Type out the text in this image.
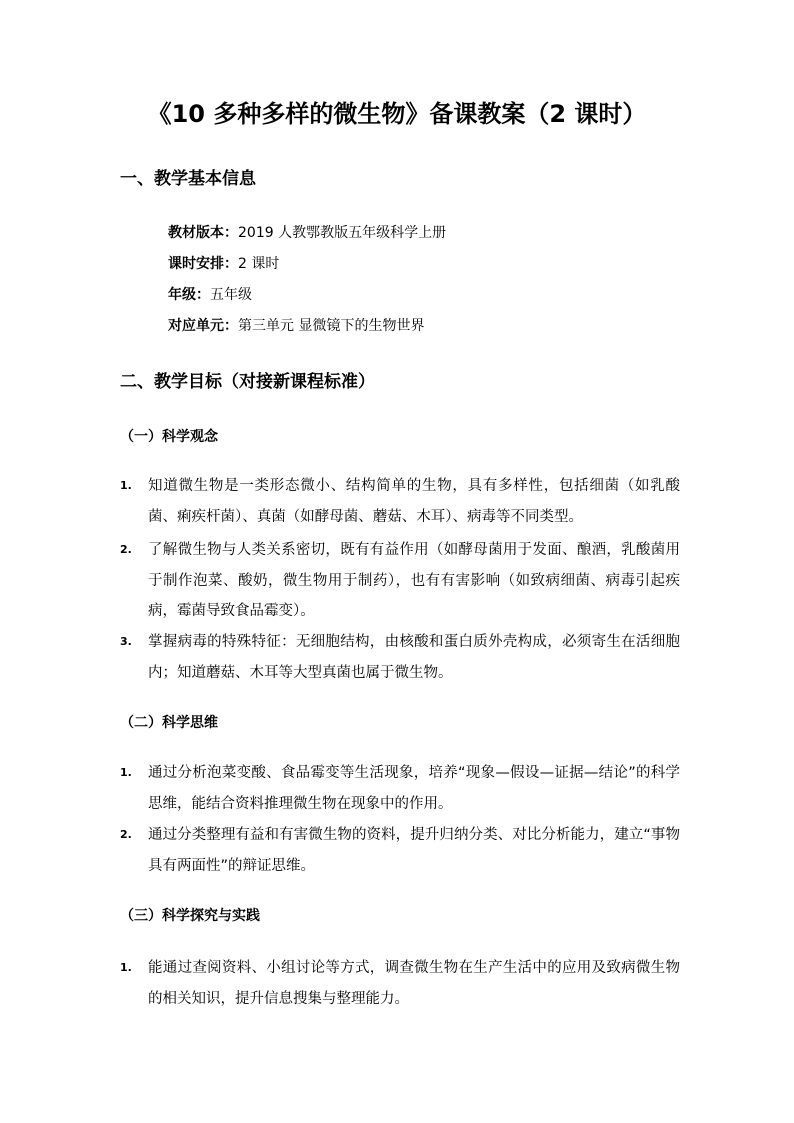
《10 多种多样的微生物》备课教案（2 课时）
一、教学基本信息
教材版本：2019 人教鄂教版五年级科学上册
课时安排：2 课时
年级：五年级
对应单元：第三单元 显微镜下的生物世界
二、教学目标（对接新课程标准）
（一）科学观念
1.	知道微生物是一类形态微小、结构简单的生物，具有多样性，包括细菌（如乳酸菌、痢疾杆菌）、真菌（如酵母菌、蘑菇、木耳）、病毒等不同类型。
2.	了解微生物与人类关系密切，既有有益作用（如酵母菌用于发面、酿酒，乳酸菌用于制作泡菜、酸奶，微生物用于制药），也有有害影响（如致病细菌、病毒引起疾病，霉菌导致食品霉变）。
3.	掌握病毒的特殊特征：无细胞结构，由核酸和蛋白质外壳构成，必须寄生在活细胞内；知道蘑菇、木耳等大型真菌也属于微生物。
（二）科学思维
1.	通过分析泡菜变酸、食品霉变等生活现象，培养“现象—假设—证据—结论”的科学思维，能结合资料推理微生物在现象中的作用。
2.	通过分类整理有益和有害微生物的资料，提升归纳分类、对比分析能力，建立“事物具有两面性”的辩证思维。
（三）科学探究与实践
1.	能通过查阅资料、小组讨论等方式，调查微生物在生产生活中的应用及致病微生物的相关知识，提升信息搜集与整理能力。
